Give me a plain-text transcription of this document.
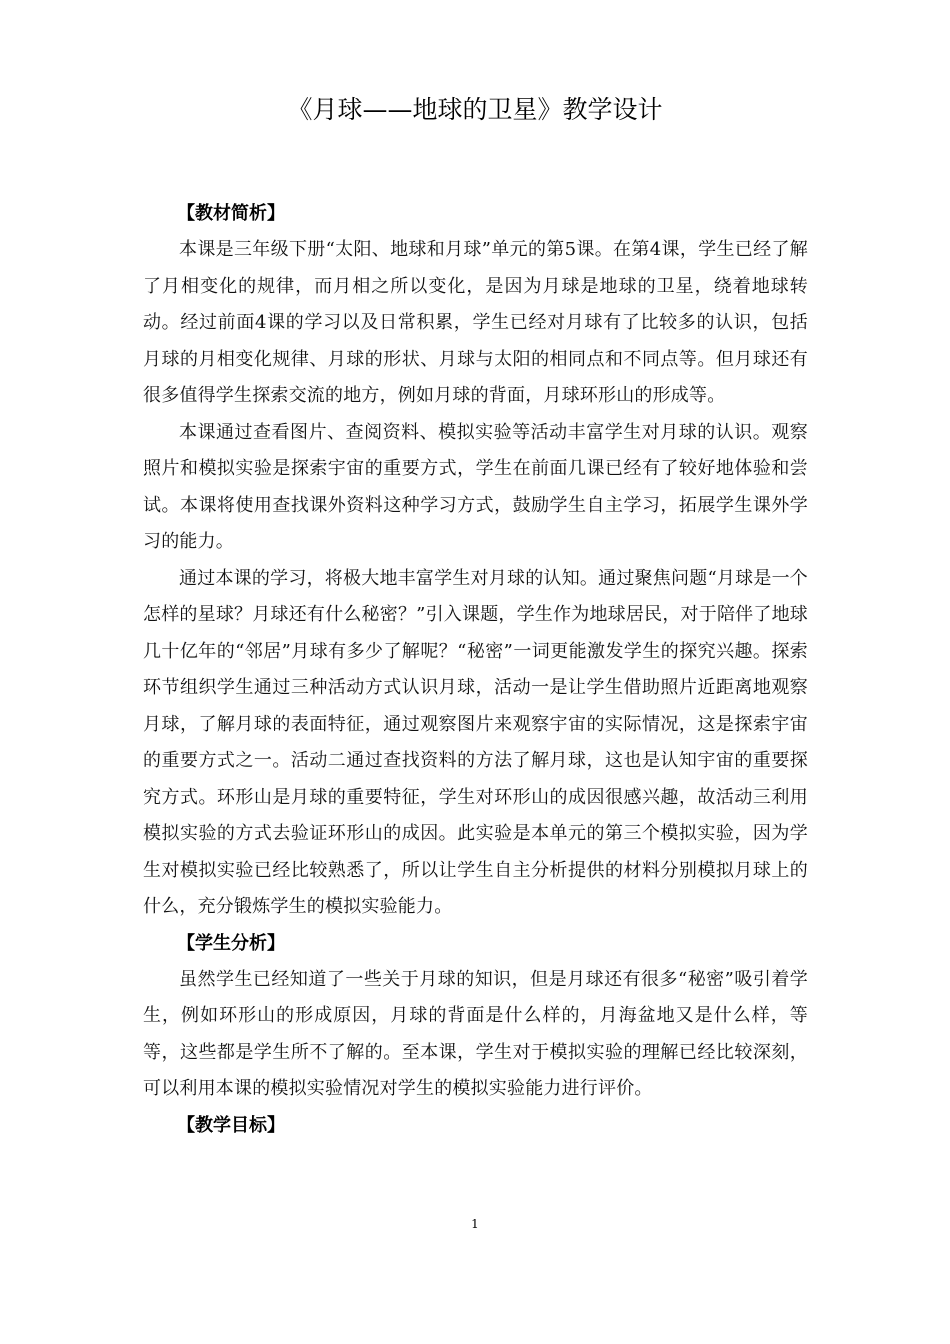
《月球——地球的卫星》教学设计
【教材简析】

本课是三年级下册“太阳、地球和月球”单元的第5课。在第4课，学生已经了解了月相变化的规律，而月相之所以变化，是因为月球是地球的卫星，绕着地球转动。经过前面4课的学习以及日常积累，学生已经对月球有了比较多的认识，包括月球的月相变化规律、月球的形状、月球与太阳的相同点和不同点等。但月球还有很多值得学生探索交流的地方，例如月球的背面，月球环形山的形成等。

本课通过查看图片、查阅资料、模拟实验等活动丰富学生对月球的认识。观察照片和模拟实验是探索宇宙的重要方式，学生在前面几课已经有了较好地体验和尝试。本课将使用查找课外资料这种学习方式，鼓励学生自主学习，拓展学生课外学习的能力。

通过本课的学习，将极大地丰富学生对月球的认知。通过聚焦问题“月球是一个怎样的星球？月球还有什么秘密？”引入课题，学生作为地球居民，对于陪伴了地球几十亿年的“邻居”月球有多少了解呢？“秘密”一词更能激发学生的探究兴趣。探索环节组织学生通过三种活动方式认识月球，活动一是让学生借助照片近距离地观察月球，了解月球的表面特征，通过观察图片来观察宇宙的实际情况，这是探索宇宙的重要方式之一。活动二通过查找资料的方法了解月球，这也是认知宇宙的重要探究方式。环形山是月球的重要特征，学生对环形山的成因很感兴趣，故活动三利用模拟实验的方式去验证环形山的成因。此实验是本单元的第三个模拟实验，因为学生对模拟实验已经比较熟悉了，所以让学生自主分析提供的材料分别模拟月球上的什么，充分锻炼学生的模拟实验能力。

【学生分析】

虽然学生已经知道了一些关于月球的知识，但是月球还有很多“秘密”吸引着学生，例如环形山的形成原因，月球的背面是什么样的，月海盆地又是什么样，等等，这些都是学生所不了解的。至本课，学生对于模拟实验的理解已经比较深刻，可以利用本课的模拟实验情况对学生的模拟实验能力进行评价。

【教学目标】
1
